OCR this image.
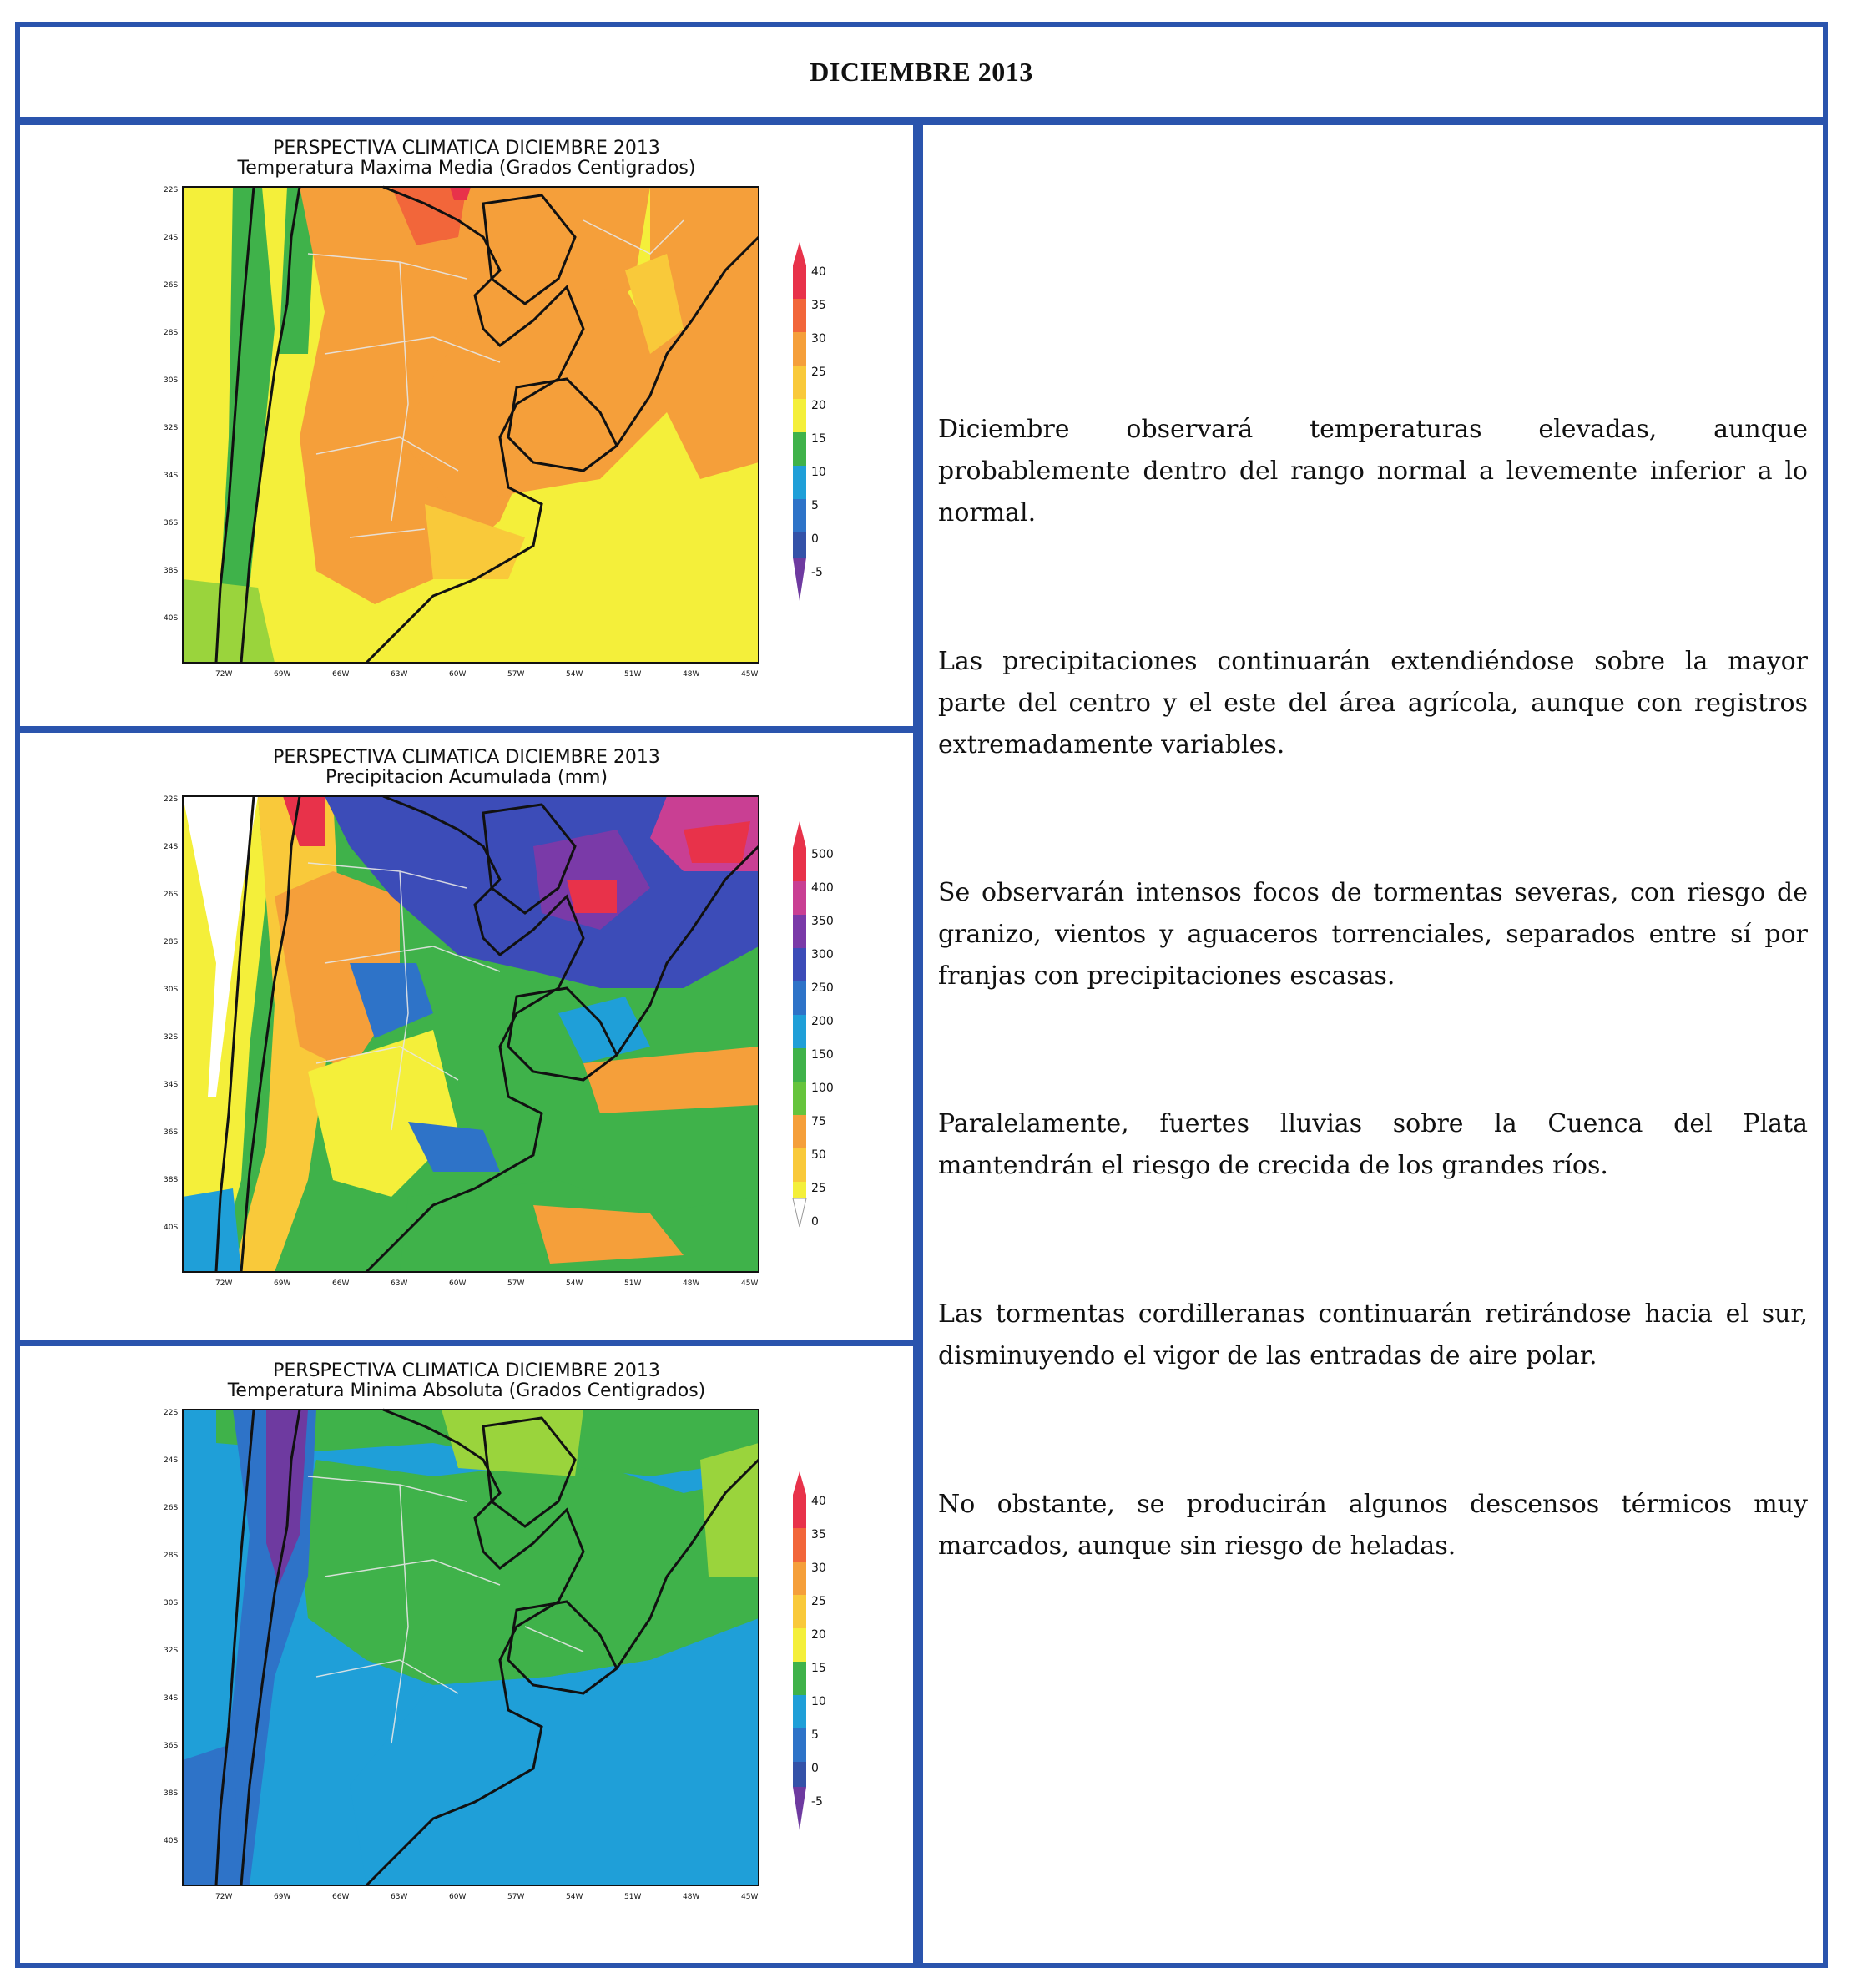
DICIEMBRE 2013
PERSPECTIVA CLIMATICA DICIEMBRE 2013
Temperatura Maxima Media (Grados Centigrados)
22S
24S
26S
28S
30S
32S
34S
36S
38S
40S
72W	69W	66W	63W	60W	57W	54W	51W	48W	45W
40
35
30
25
20
15
10
5
0
-5
PERSPECTIVA CLIMATICA DICIEMBRE 2013
Precipitacion Acumulada (mm)
22S
24S
26S
28S
30S
32S
34S
36S
38S
40S
72W	69W	66W	63W	60W	57W	54W	51W	48W	45W
500
400
350
300
250
200
150
100
75
50
25
0
PERSPECTIVA CLIMATICA DICIEMBRE 2013
Temperatura Minima Absoluta (Grados Centigrados)
22S
24S
26S
28S
30S
32S
34S
36S
38S
40S
72W	69W	66W	63W	60W	57W	54W	51W	48W	45W
40
35
30
25
20
15
10
5
0
-5

Diciembre observará temperaturas elevadas, aunque probablemente dentro del rango normal a levemente inferior a lo normal.

Las precipitaciones continuarán extendiéndose sobre la mayor parte del centro y el este del área agrícola, aunque con registros extremadamente variables.

Se observarán intensos focos de tormentas severas, con riesgo de granizo, vientos y aguaceros torrenciales, separados entre sí por franjas con precipitaciones escasas.

Paralelamente, fuertes lluvias sobre la Cuenca del Plata mantendrán el riesgo de crecida de los grandes ríos.

Las tormentas cordilleranas continuarán retirándose hacia el sur, disminuyendo el vigor de las entradas de aire polar.

No obstante, se producirán algunos descensos térmicos muy marcados, aunque sin riesgo de heladas.
